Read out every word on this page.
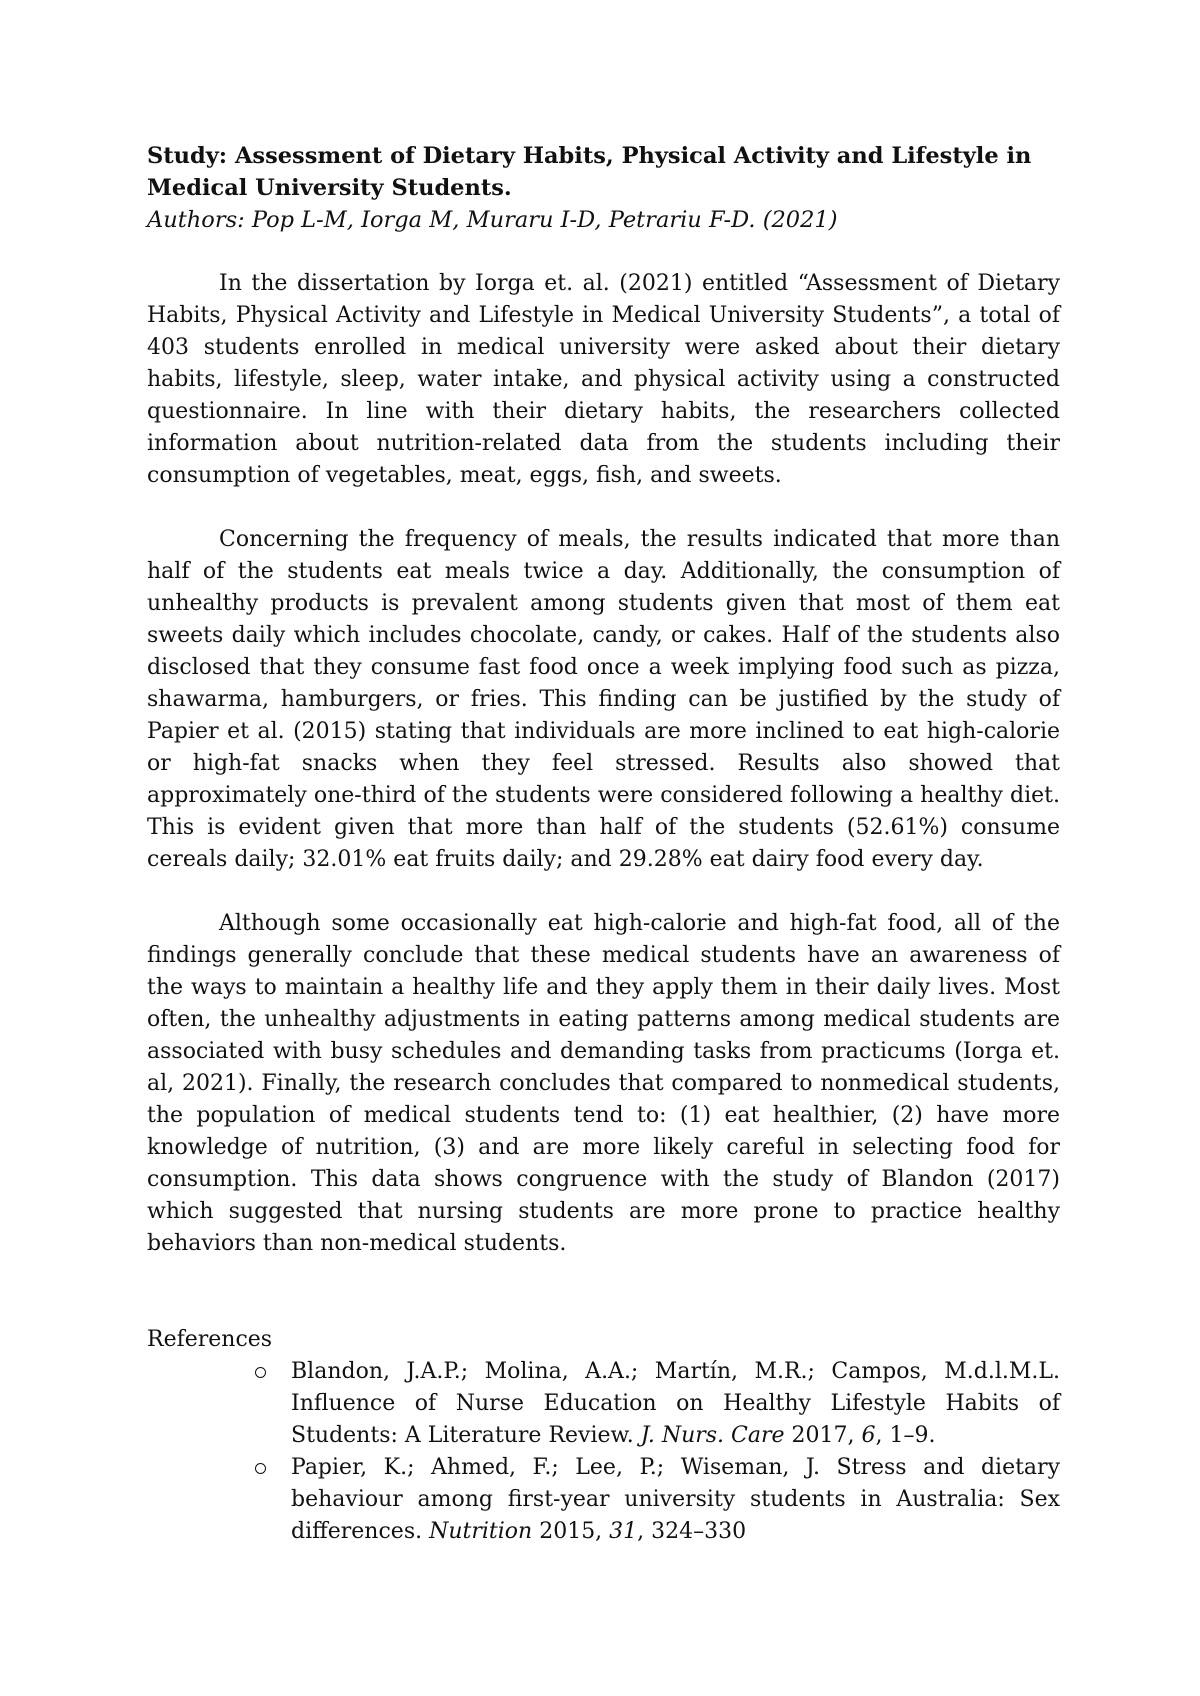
Study: Assessment of Dietary Habits, Physical Activity and Lifestyle in Medical University Students.

Authors: Pop L-M, Iorga M, Muraru I-D, Petrariu F-D. (2021)

In the dissertation by Iorga et. al. (2021) entitled “Assessment of Dietary Habits, Physical Activity and Lifestyle in Medical University Students”, a total of 403 students enrolled in medical university were asked about their dietary habits, lifestyle, sleep, water intake, and physical activity using a constructed questionnaire. In line with their dietary habits, the researchers collected information about nutrition-related data from the students including their consumption of vegetables, meat, eggs, fish, and sweets.

Concerning the frequency of meals, the results indicated that more than half of the students eat meals twice a day. Additionally, the consumption of unhealthy products is prevalent among students given that most of them eat sweets daily which includes chocolate, candy, or cakes. Half of the students also disclosed that they consume fast food once a week implying food such as pizza, shawarma, hamburgers, or fries. This finding can be justified by the study of Papier et al. (2015) stating that individuals are more inclined to eat high-calorie or high-fat snacks when they feel stressed. Results also showed that approximately one-third of the students were considered following a healthy diet. This is evident given that more than half of the students (52.61%) consume cereals daily; 32.01% eat fruits daily; and 29.28% eat dairy food every day.

Although some occasionally eat high-calorie and high-fat food, all of the findings generally conclude that these medical students have an awareness of the ways to maintain a healthy life and they apply them in their daily lives. Most often, the unhealthy adjustments in eating patterns among medical students are associated with busy schedules and demanding tasks from practicums (Iorga et. al, 2021). Finally, the research concludes that compared to nonmedical students, the population of medical students tend to: (1) eat healthier, (2) have more knowledge of nutrition, (3) and are more likely careful in selecting food for consumption. This data shows congruence with the study of Blandon (2017) which suggested that nursing students are more prone to practice healthy behaviors than non-medical students.

References

Blandon, J.A.P.; Molina, A.A.; Martín, M.R.; Campos, M.d.l.M.L. Influence of Nurse Education on Healthy Lifestyle Habits of Students: A Literature Review. J. Nurs. Care 2017, 6, 1–9.
Papier, K.; Ahmed, F.; Lee, P.; Wiseman, J. Stress and dietary behaviour among first-year university students in Australia: Sex differences. Nutrition 2015, 31, 324–330
